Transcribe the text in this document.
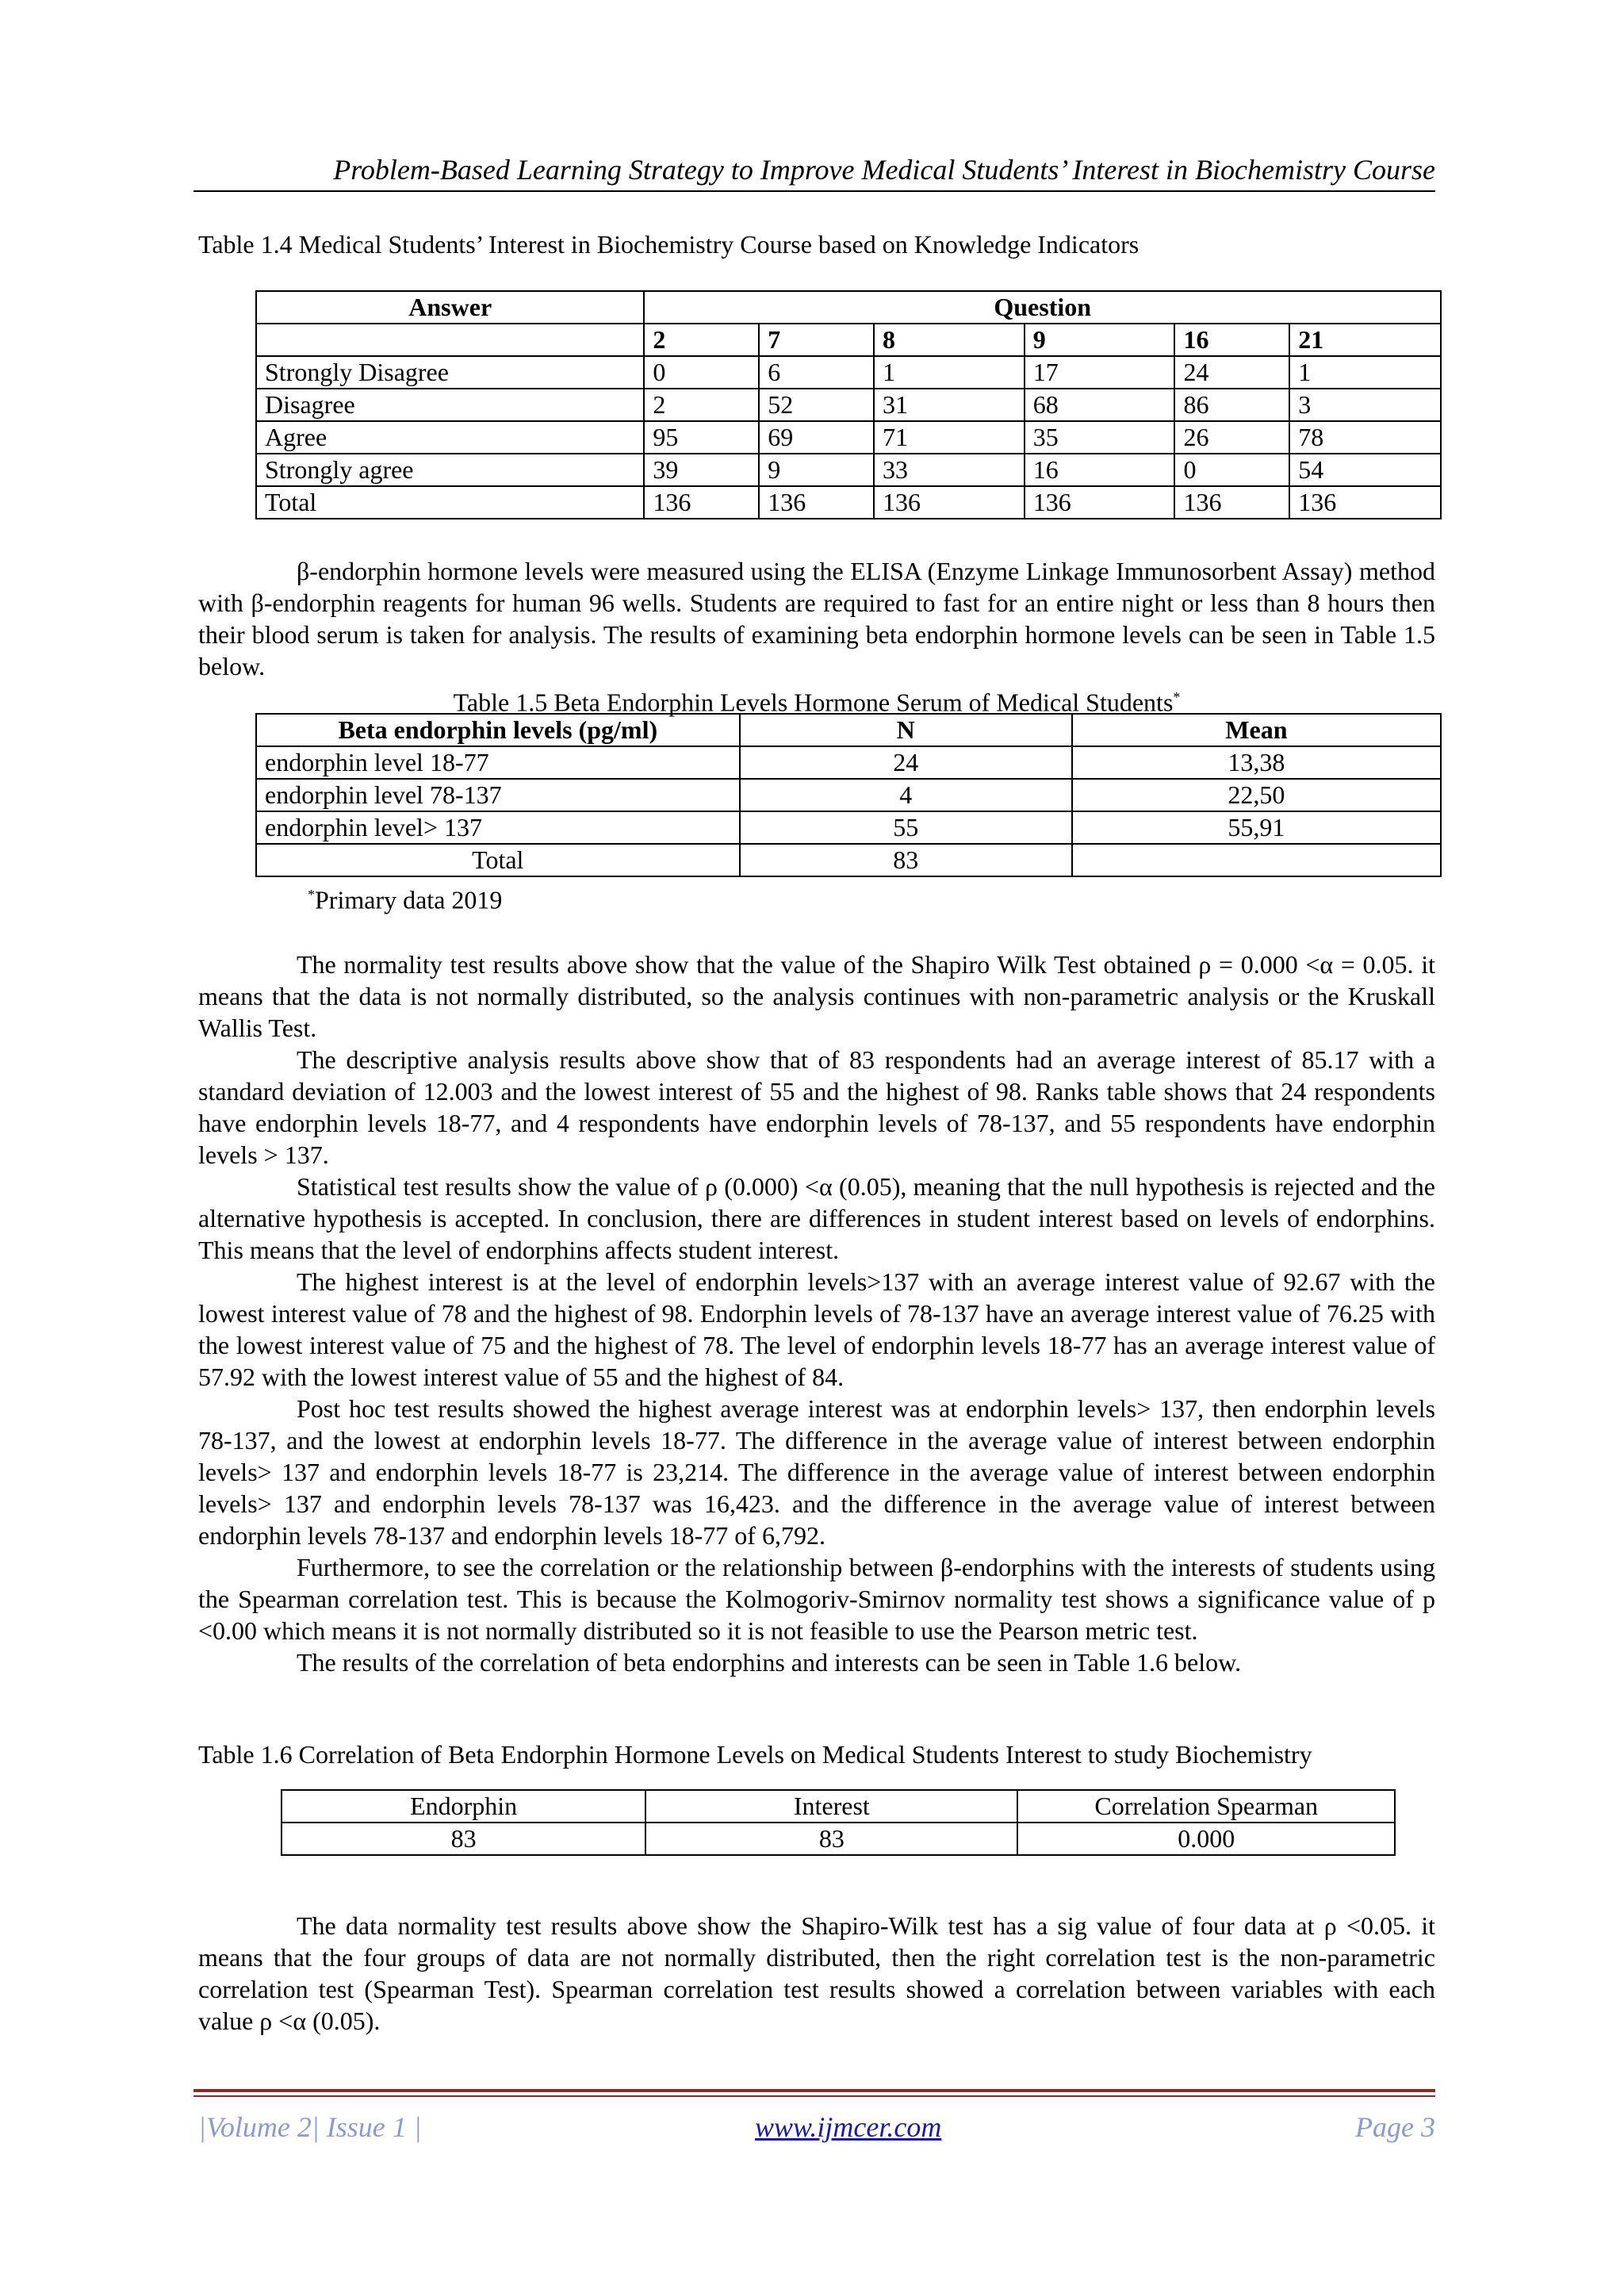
Problem-Based Learning Strategy to Improve Medical Students’ Interest in Biochemistry Course
Table 1.4 Medical Students’ Interest in Biochemistry Course based on Knowledge Indicators
Answer	Question					
	2	7	8	9	16	21
Strongly Disagree	0	6	1	17	24	1
Disagree	2	52	31	68	86	3
Agree	95	69	71	35	26	78
Strongly agree	39	9	33	16	0	54
Total	136	136	136	136	136	136

β-endorphin hormone levels were measured using the ELISA (Enzyme Linkage Immunosorbent Assay) method with β-endorphin reagents for human 96 wells. Students are required to fast for an entire night or less than 8 hours then their blood serum is taken for analysis. The results of examining beta endorphin hormone levels can be seen in Table 1.5 below.

Table 1.5 Beta Endorphin Levels Hormone Serum of Medical Students*
Beta endorphin levels (pg/ml)	N	Mean
endorphin level 18-77	24	13,38
endorphin level 78-137	4	22,50
endorphin level> 137	55	55,91
Total	83	
*Primary data 2019

The normality test results above show that the value of the Shapiro Wilk Test obtained ρ = 0.000 <α = 0.05. it means that the data is not normally distributed, so the analysis continues with non-parametric analysis or the Kruskall Wallis Test.

The descriptive analysis results above show that of 83 respondents had an average interest of 85.17 with a standard deviation of 12.003 and the lowest interest of 55 and the highest of 98. Ranks table shows that 24 respondents have endorphin levels 18-77, and 4 respondents have endorphin levels of 78-137, and 55 respondents have endorphin levels > 137.

Statistical test results show the value of ρ (0.000) <α (0.05), meaning that the null hypothesis is rejected and the alternative hypothesis is accepted. In conclusion, there are differences in student interest based on levels of endorphins. This means that the level of endorphins affects student interest.

The highest interest is at the level of endorphin levels>137 with an average interest value of 92.67 with the lowest interest value of 78 and the highest of 98. Endorphin levels of 78-137 have an average interest value of 76.25 with the lowest interest value of 75 and the highest of 78. The level of endorphin levels 18-77 has an average interest value of 57.92 with the lowest interest value of 55 and the highest of 84.

Post hoc test results showed the highest average interest was at endorphin levels> 137, then endorphin levels 78-137, and the lowest at endorphin levels 18-77. The difference in the average value of interest between endorphin levels> 137 and endorphin levels 18-77 is 23,214. The difference in the average value of interest between endorphin levels> 137 and endorphin levels 78-137 was 16,423. and the difference in the average value of interest between endorphin levels 78-137 and endorphin levels 18-77 of 6,792.

Furthermore, to see the correlation or the relationship between β-endorphins with the interests of students using the Spearman correlation test. This is because the Kolmogoriv-Smirnov normality test shows a significance value of p <0.00 which means it is not normally distributed so it is not feasible to use the Pearson metric test.

The results of the correlation of beta endorphins and interests can be seen in Table 1.6 below.

Table 1.6 Correlation of Beta Endorphin Hormone Levels on Medical Students Interest to study Biochemistry
Endorphin	Interest	Correlation Spearman
83	83	0.000

The data normality test results above show the Shapiro-Wilk test has a sig value of four data at ρ <0.05. it means that the four groups of data are not normally distributed, then the right correlation test is the non-parametric correlation test (Spearman Test). Spearman correlation test results showed a correlation between variables with each value ρ <α (0.05).

|Volume 2| Issue 1 |	www.ijmcer.com	Page 3
